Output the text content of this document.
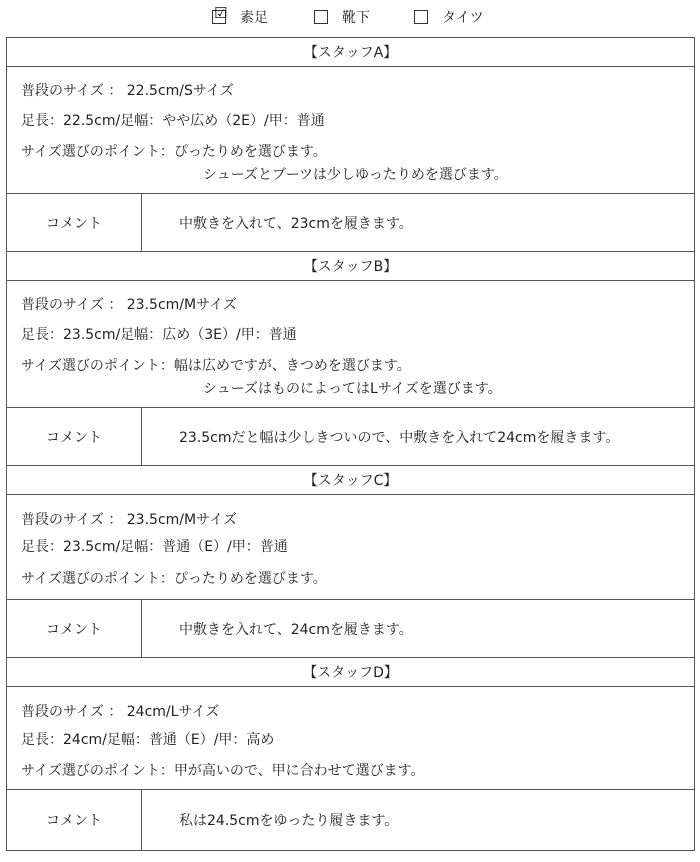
☑ 素足	靴下	タイツ
【スタッフA】
普段のサイズ ： 22.5cm/Sサイズ
足長：22.5cm/足幅：やや広め（2E）/甲：普通
サイズ選びのポイント：ぴったりめを選びます。
シューズとブーツは少しゆったりめを選びます。
コメント	中敷きを入れて、23cmを履きます。
【スタッフB】
普段のサイズ ： 23.5cm/Mサイズ
足長：23.5cm/足幅：広め（3E）/甲：普通
サイズ選びのポイント：幅は広めですが、きつめを選びます。
シューズはものによってはLサイズを選びます。
コメント	23.5cmだと幅は少しきついので、中敷きを入れて24cmを履きます。
【スタッフC】
普段のサイズ ： 23.5cm/Mサイズ
足長：23.5cm/足幅：普通（E）/甲：普通
サイズ選びのポイント：ぴったりめを選びます。
コメント	中敷きを入れて、24cmを履きます。
【スタッフD】
普段のサイズ ： 24cm/Lサイズ
足長：24cm/足幅：普通（E）/甲：高め
サイズ選びのポイント：甲が高いので、甲に合わせて選びます。
コメント	私は24.5cmをゆったり履きます。
